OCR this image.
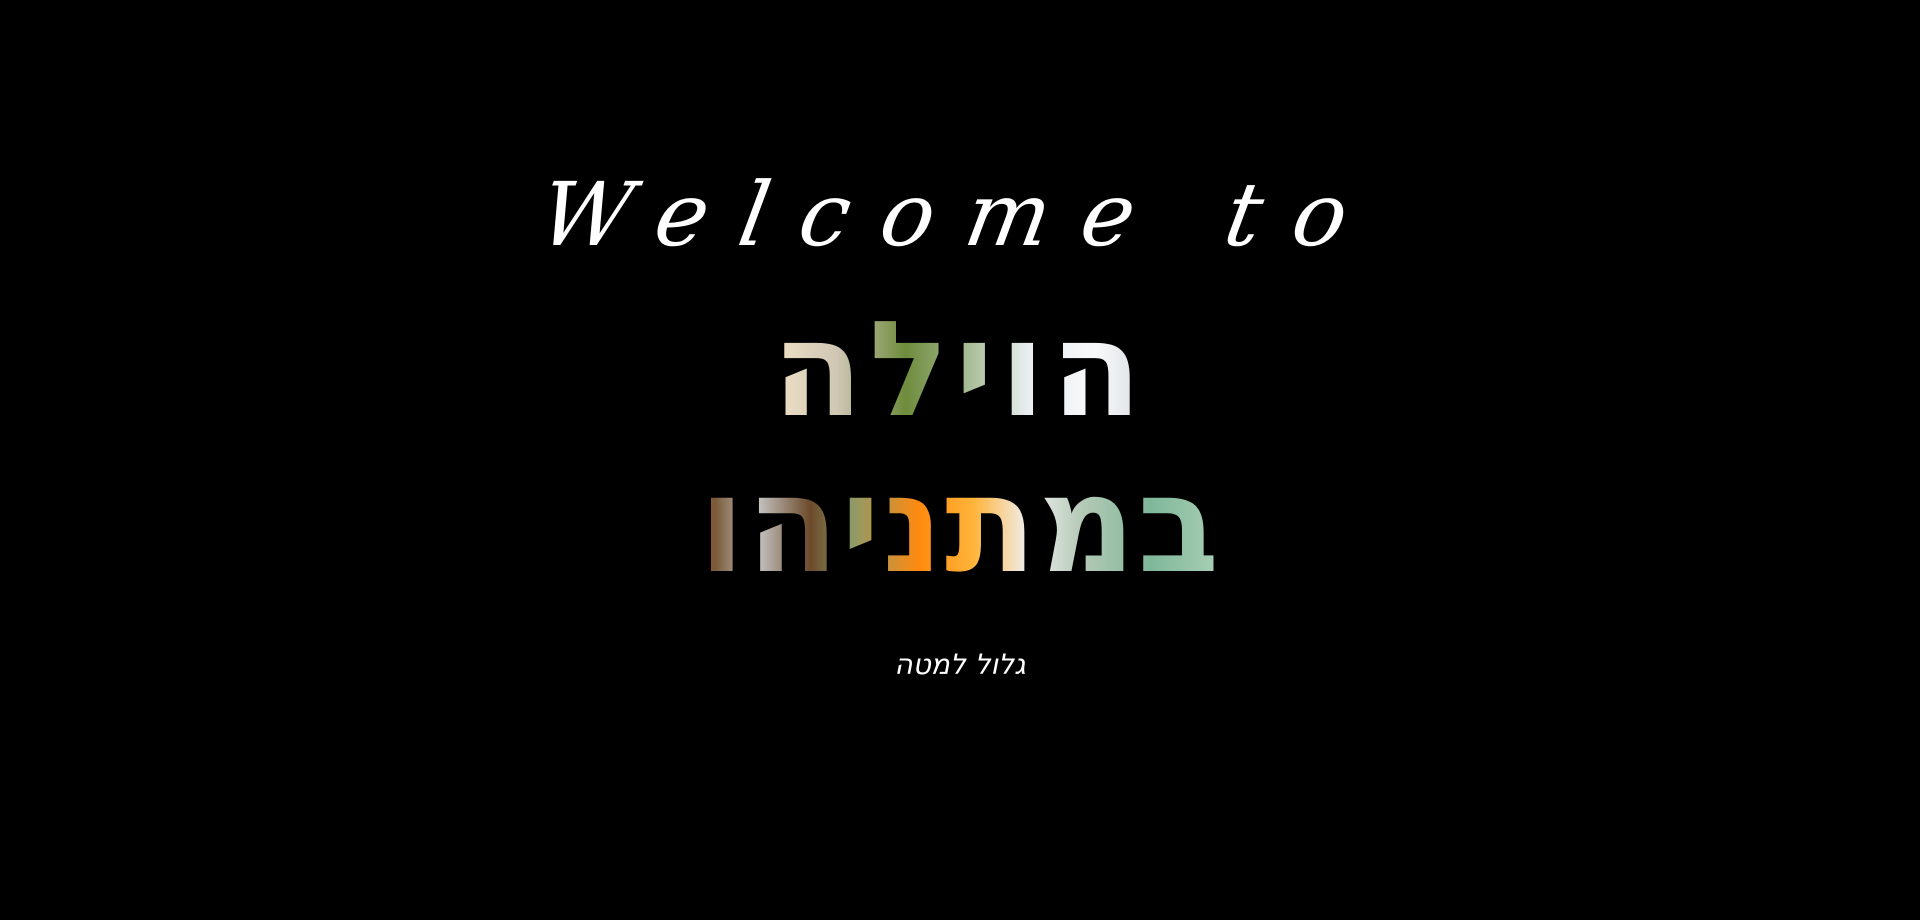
Welcome to
הוילה
במתניהו
גלול למטה
